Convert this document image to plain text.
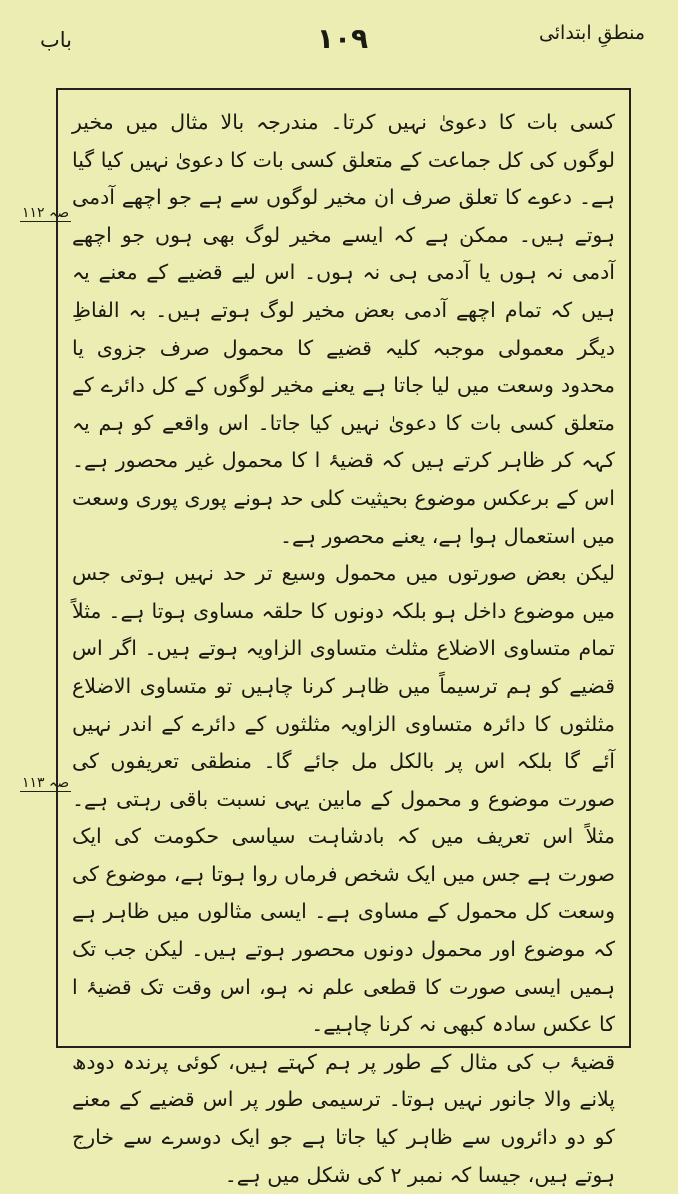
باب	۱۰۹	منطقِ ابتدائی
صہ ۱۱۲
صہ ۱۱۳

کسی بات کا دعویٰ نہیں کرتا۔ مندرجہ بالا مثال میں مخیر لوگوں کی کل جماعت کے متعلق کسی بات کا دعویٰ نہیں کیا گیا ہے۔ دعوے کا تعلق صرف ان مخیر لوگوں سے ہے جو اچھے آدمی ہوتے ہیں۔ ممکن ہے کہ ایسے مخیر لوگ بھی ہوں جو اچھے آدمی نہ ہوں یا آدمی ہی نہ ہوں۔ اس لیے قضیے کے معنے یہ ہیں کہ تمام اچھے آدمی بعض مخیر لوگ ہوتے ہیں۔ بہ الفاظِ دیگر معمولی موجبہ کلیہ قضیے کا محمول صرف جزوی یا محدود وسعت میں لیا جاتا ہے یعنے مخیر لوگوں کے کل دائرے کے متعلق کسی بات کا دعویٰ نہیں کیا جاتا۔ اس واقعے کو ہم یہ کہہ کر ظاہر کرتے ہیں کہ قضیۂ ا کا محمول غیر محصور ہے۔ اس کے برعکس موضوع بحیثیت کلی حد ہونے پوری پوری وسعت میں استعمال ہوا ہے، یعنے محصور ہے۔

لیکن بعض صورتوں میں محمول وسیع تر حد نہیں ہوتی جس میں موضوع داخل ہو بلکہ دونوں کا حلقہ مساوی ہوتا ہے۔ مثلاً تمام متساوی الاضلاع مثلث متساوی الزاویہ ہوتے ہیں۔ اگر اس قضیے کو ہم ترسیماً میں ظاہر کرنا چاہیں تو متساوی الاضلاع مثلثوں کا دائرہ متساوی الزاویہ مثلثوں کے دائرے کے اندر نہیں آئے گا بلکہ اس پر بالکل مل جائے گا۔ منطقی تعریفوں کی صورت موضوع و محمول کے مابین یہی نسبت باقی رہتی ہے۔ مثلاً اس تعریف میں کہ بادشاہت سیاسی حکومت کی ایک صورت ہے جس میں ایک شخص فرماں روا ہوتا ہے، موضوع کی وسعت کل محمول کے مساوی ہے۔ ایسی مثالوں میں ظاہر ہے کہ موضوع اور محمول دونوں محصور ہوتے ہیں۔ لیکن جب تک ہمیں ایسی صورت کا قطعی علم نہ ہو، اس وقت تک قضیۂ ا کا عکس سادہ کبھی نہ کرنا چاہیے۔

قضیۂ ب کی مثال کے طور پر ہم کہتے ہیں، کوئی پرندہ دودھ پلانے والا جانور نہیں ہوتا۔ ترسیمی طور پر اس قضیے کے معنے کو دو دائروں سے ظاہر کیا جاتا ہے جو ایک دوسرے سے خارج ہوتے ہیں، جیسا کہ نمبر ۲ کی شکل میں ہے۔
